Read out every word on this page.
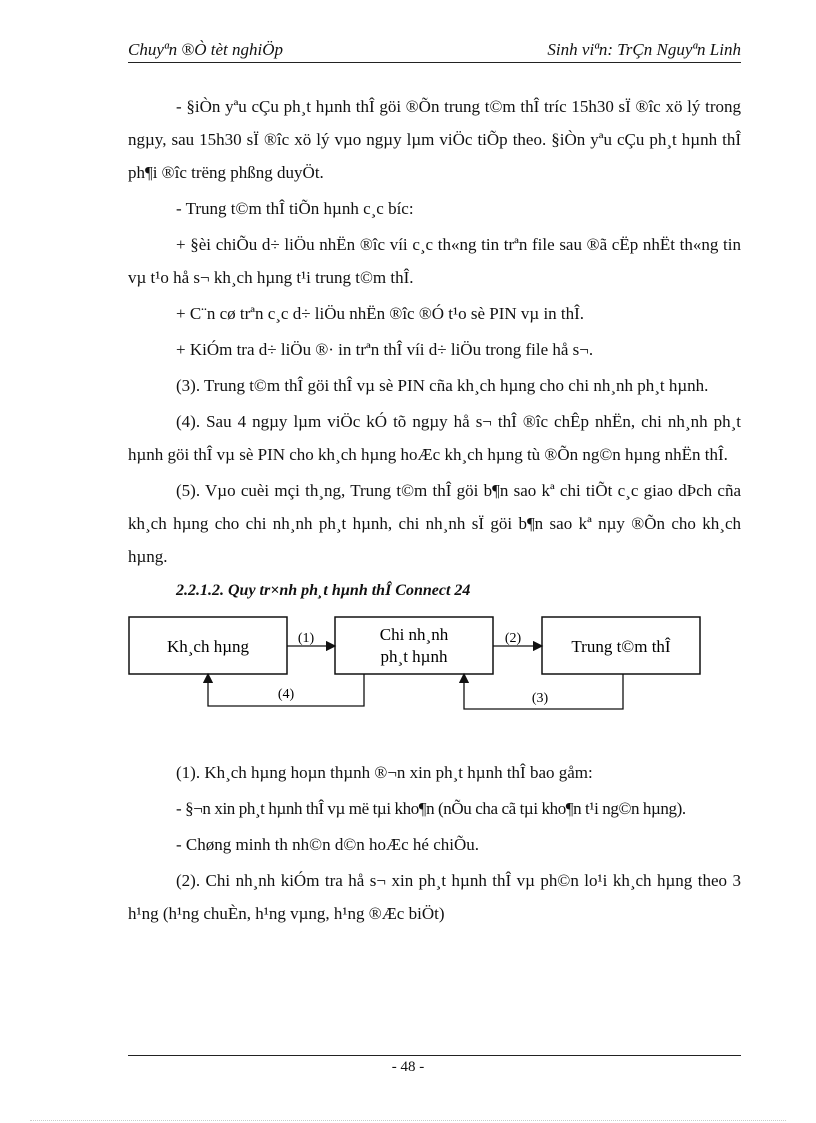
Chuyªn ®Ò tèt nghiÖp	Sinh viªn: TrÇn Nguyªn Linh

- §iÒn yªu cÇu ph¸t hµnh thÎ göi ®Õn trung t©m thÎ tríc 15h30 sÏ ®îc xö lý trong ngµy, sau 15h30 sÏ ®îc xö lý vµo ngµy lµm viÖc tiÕp theo. §iÒn yªu cÇu ph¸t hµnh thÎ ph¶i ®îc trëng phßng duyÖt.

- Trung t©m thÎ tiÕn hµnh c¸c bíc:

+ §èi chiÕu d÷ liÖu nhËn ®îc víi c¸c th«ng tin trªn file sau ®ã cËp nhËt th«ng tin vµ t¹o hå s¬ kh¸ch hµng t¹i trung t©m thÎ.

+ C¨n cø trªn c¸c d÷ liÖu nhËn ®îc ®Ó t¹o sè PIN vµ in thÎ.

+ KiÓm tra d÷ liÖu ®· in trªn thÎ víi d÷ liÖu trong file hå s¬.

(3). Trung t©m thÎ göi thÎ vµ sè PIN cña kh¸ch hµng cho chi nh¸nh ph¸t hµnh.

(4). Sau 4 ngµy lµm viÖc kÓ tõ ngµy hå s¬ thÎ ®îc chÊp nhËn, chi nh¸nh ph¸t hµnh göi thÎ vµ sè PIN cho kh¸ch hµng hoÆc kh¸ch hµng tù ®Õn ng©n hµng nhËn thÎ.

(5). Vµo cuèi mçi th¸ng, Trung t©m thÎ göi b¶n sao kª chi tiÕt c¸c giao dÞch cña kh¸ch hµng cho chi nh¸nh ph¸t hµnh, chi nh¸nh sÏ göi b¶n sao kª nµy ®Õn cho kh¸ch hµng.

2.2.1.2. Quy tr×nh ph¸t hµnh thÎ Connect 24

Kh¸ch hµng
Chi nh¸nh
ph¸t hµnh
Trung t©m thÎ
(1)	(2)
(4)	(3)

(1). Kh¸ch hµng hoµn thµnh ®¬n xin ph¸t hµnh thÎ bao gåm:

- §¬n xin ph¸t hµnh thÎ vµ më tµi kho¶n (nÕu cha cã tµi kho¶n t¹i ng©n hµng).

- Chøng minh th nh©n d©n hoÆc hé chiÕu.

(2). Chi nh¸nh kiÓm tra hå s¬ xin ph¸t hµnh thÎ vµ ph©n lo¹i kh¸ch hµng theo 3 h¹ng (h¹ng chuÈn, h¹ng vµng, h¹ng ®Æc biÖt)

- 48 -
